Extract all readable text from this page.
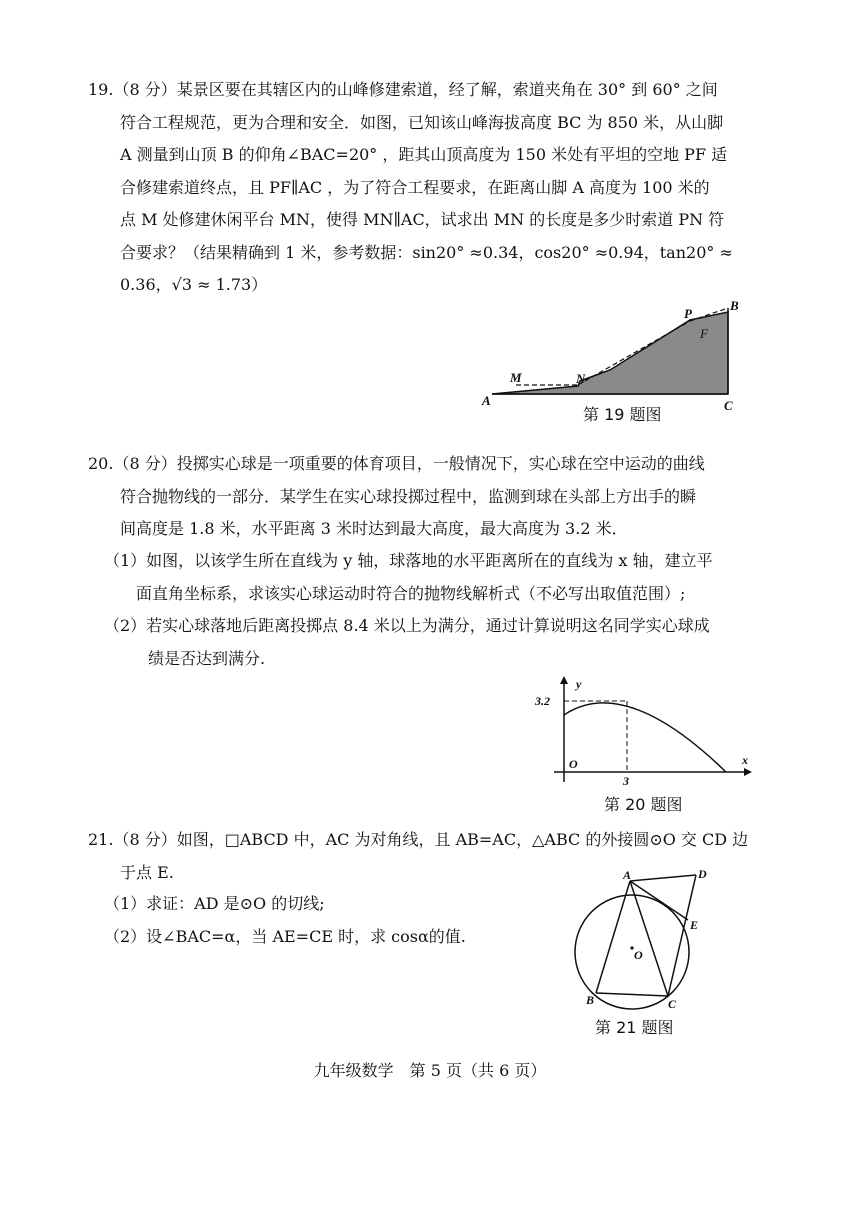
19.（8 分）某景区要在其辖区内的山峰修建索道，经了解，索道夹角在 30° 到 60° 之间
符合工程规范，更为合理和安全．如图，已知该山峰海拔高度 BC 为 850 米，从山脚
A 测量到山顶 B 的仰角∠BAC=20° ，距其山顶高度为 150 米处有平坦的空地 PF 适
合修建索道终点，且 PF∥AC ，为了符合工程要求，在距离山脚 A 高度为 100 米的
点 M 处修建休闲平台 MN，使得 MN∥AC，试求出 MN 的长度是多少时索道 PN 符
合要求？（结果精确到 1 米，参考数据：sin20° ≈0.34，cos20° ≈0.94，tan20° ≈
0.36，√3 ≈ 1.73）
A
B
C
M	N
P
F
第 19 题图
20.（8 分）投掷实心球是一项重要的体育项目，一般情况下，实心球在空中运动的曲线
符合抛物线的一部分．某学生在实心球投掷过程中，监测到球在头部上方出手的瞬
间高度是 1.8 米，水平距离 3 米时达到最大高度，最大高度为 3.2 米．
（1）如图，以该学生所在直线为 y 轴，球落地的水平距离所在的直线为 x 轴，建立平
面直角坐标系，求该实心球运动时符合的抛物线解析式（不必写出取值范围）;
（2）若实心球落地后距离投掷点 8.4 米以上为满分，通过计算说明这名同学实心球成
绩是否达到满分.
y
x
O
3.2
3
第 20 题图
21.（8 分）如图，□ABCD 中，AC 为对角线，且 AB=AC，△ABC 的外接圆⊙O 交 CD 边
于点 E.
（1）求证：AD 是⊙O 的切线;
（2）设∠BAC=α，当 AE=CE 时，求 cosα的值.
A	D
E
O
B	C
第 21 题图
九年级数学　第 5 页（共 6 页）
